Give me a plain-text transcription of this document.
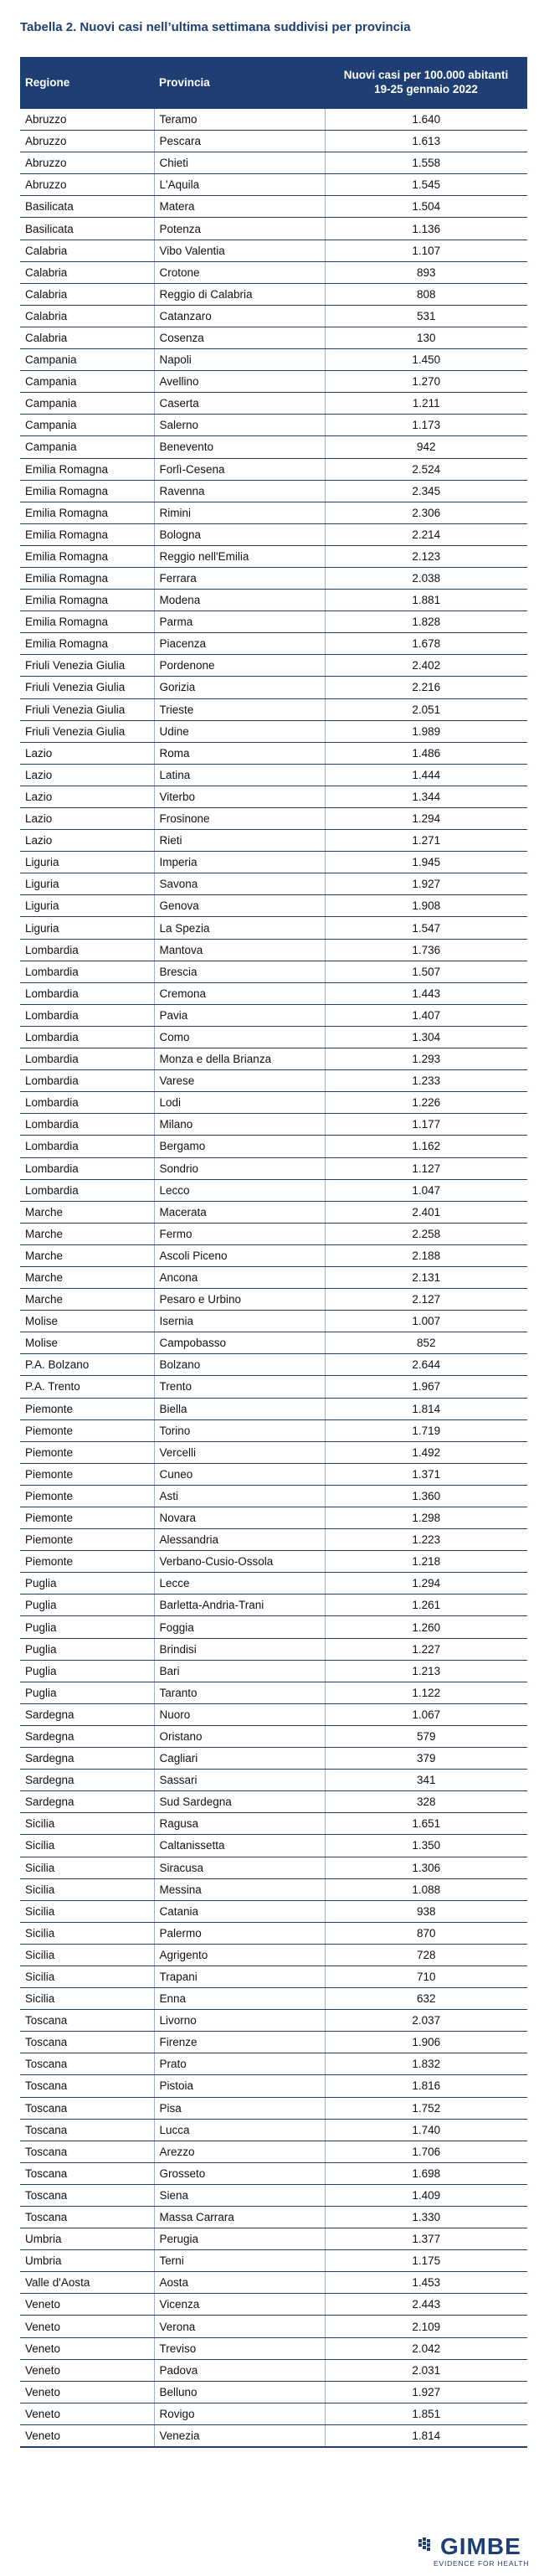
Tabella 2. Nuovi casi nell’ultima settimana suddivisi per provincia
Regione	Provincia	Nuovi casi per 100.000 abitanti
19-25 gennaio 2022
Abruzzo	Teramo	1.640
Abruzzo	Pescara	1.613
Abruzzo	Chieti	1.558
Abruzzo	L'Aquila	1.545
Basilicata	Matera	1.504
Basilicata	Potenza	1.136
Calabria	Vibo Valentia	1.107
Calabria	Crotone	893
Calabria	Reggio di Calabria	808
Calabria	Catanzaro	531
Calabria	Cosenza	130
Campania	Napoli	1.450
Campania	Avellino	1.270
Campania	Caserta	1.211
Campania	Salerno	1.173
Campania	Benevento	942
Emilia Romagna	Forlì-Cesena	2.524
Emilia Romagna	Ravenna	2.345
Emilia Romagna	Rimini	2.306
Emilia Romagna	Bologna	2.214
Emilia Romagna	Reggio nell'Emilia	2.123
Emilia Romagna	Ferrara	2.038
Emilia Romagna	Modena	1.881
Emilia Romagna	Parma	1.828
Emilia Romagna	Piacenza	1.678
Friuli Venezia Giulia	Pordenone	2.402
Friuli Venezia Giulia	Gorizia	2.216
Friuli Venezia Giulia	Trieste	2.051
Friuli Venezia Giulia	Udine	1.989
Lazio	Roma	1.486
Lazio	Latina	1.444
Lazio	Viterbo	1.344
Lazio	Frosinone	1.294
Lazio	Rieti	1.271
Liguria	Imperia	1.945
Liguria	Savona	1.927
Liguria	Genova	1.908
Liguria	La Spezia	1.547
Lombardia	Mantova	1.736
Lombardia	Brescia	1.507
Lombardia	Cremona	1.443
Lombardia	Pavia	1.407
Lombardia	Como	1.304
Lombardia	Monza e della Brianza	1.293
Lombardia	Varese	1.233
Lombardia	Lodi	1.226
Lombardia	Milano	1.177
Lombardia	Bergamo	1.162
Lombardia	Sondrio	1.127
Lombardia	Lecco	1.047
Marche	Macerata	2.401
Marche	Fermo	2.258
Marche	Ascoli Piceno	2.188
Marche	Ancona	2.131
Marche	Pesaro e Urbino	2.127
Molise	Isernia	1.007
Molise	Campobasso	852
P.A. Bolzano	Bolzano	2.644
P.A. Trento	Trento	1.967
Piemonte	Biella	1.814
Piemonte	Torino	1.719
Piemonte	Vercelli	1.492
Piemonte	Cuneo	1.371
Piemonte	Asti	1.360
Piemonte	Novara	1.298
Piemonte	Alessandria	1.223
Piemonte	Verbano-Cusio-Ossola	1.218
Puglia	Lecce	1.294
Puglia	Barletta-Andria-Trani	1.261
Puglia	Foggia	1.260
Puglia	Brindisi	1.227
Puglia	Bari	1.213
Puglia	Taranto	1.122
Sardegna	Nuoro	1.067
Sardegna	Oristano	579
Sardegna	Cagliari	379
Sardegna	Sassari	341
Sardegna	Sud Sardegna	328
Sicilia	Ragusa	1.651
Sicilia	Caltanissetta	1.350
Sicilia	Siracusa	1.306
Sicilia	Messina	1.088
Sicilia	Catania	938
Sicilia	Palermo	870
Sicilia	Agrigento	728
Sicilia	Trapani	710
Sicilia	Enna	632
Toscana	Livorno	2.037
Toscana	Firenze	1.906
Toscana	Prato	1.832
Toscana	Pistoia	1.816
Toscana	Pisa	1.752
Toscana	Lucca	1.740
Toscana	Arezzo	1.706
Toscana	Grosseto	1.698
Toscana	Siena	1.409
Toscana	Massa Carrara	1.330
Umbria	Perugia	1.377
Umbria	Terni	1.175
Valle d'Aosta	Aosta	1.453
Veneto	Vicenza	2.443
Veneto	Verona	2.109
Veneto	Treviso	2.042
Veneto	Padova	2.031
Veneto	Belluno	1.927
Veneto	Rovigo	1.851
Veneto	Venezia	1.814
GIMBE
EVIDENCE FOR HEALTH
